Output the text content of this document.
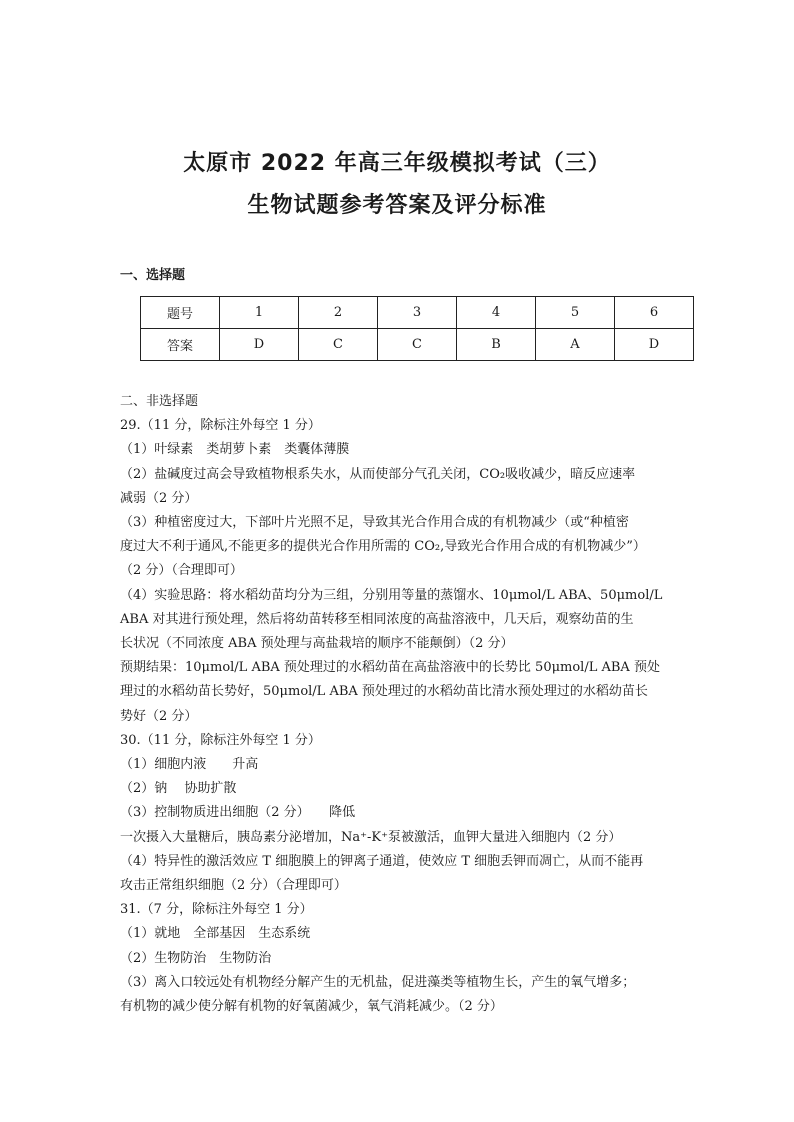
太原市 2022 年高三年级模拟考试（三）
生物试题参考答案及评分标准
一、选择题
题号	1	2	3	4	5	6
答案	D	C	C	B	A	D

二、非选择题

29.（11 分，除标注外每空 1 分）

（1）叶绿素　类胡萝卜素　类囊体薄膜

（2）盐碱度过高会导致植物根系失水，从而使部分气孔关闭，CO₂吸收减少，暗反应速率

减弱（2 分）

（3）种植密度过大，下部叶片光照不足，导致其光合作用合成的有机物减少（或“种植密

度过大不利于通风,不能更多的提供光合作用所需的 CO₂,导致光合作用合成的有机物减少”）

（2 分）（合理即可）

（4）实验思路：将水稻幼苗均分为三组，分别用等量的蒸馏水、10μmol/L ABA、50μmol/L

ABA 对其进行预处理，然后将幼苗转移至相同浓度的高盐溶液中，几天后，观察幼苗的生

长状况（不同浓度 ABA 预处理与高盐栽培的顺序不能颠倒）（2 分）

预期结果：10μmol/L ABA 预处理过的水稻幼苗在高盐溶液中的长势比 50μmol/L ABA 预处

理过的水稻幼苗长势好，50μmol/L ABA 预处理过的水稻幼苗比清水预处理过的水稻幼苗长

势好（2 分）

30.（11 分，除标注外每空 1 分）

（1）细胞内液　　升高

（2）钠　 协助扩散

（3）控制物质进出细胞（2 分）　　降低

一次摄入大量糖后，胰岛素分泌增加，Na⁺-K⁺泵被激活，血钾大量进入细胞内（2 分）

（4）特异性的激活效应 T 细胞膜上的钾离子通道，使效应 T 细胞丢钾而凋亡，从而不能再

攻击正常组织细胞（2 分）（合理即可）

31.（7 分，除标注外每空 1 分）

（1）就地　全部基因　生态系统

（2）生物防治　生物防治

（3）离入口较远处有机物经分解产生的无机盐，促进藻类等植物生长，产生的氧气增多；

有机物的减少使分解有机物的好氧菌减少，氧气消耗减少。（2 分）
